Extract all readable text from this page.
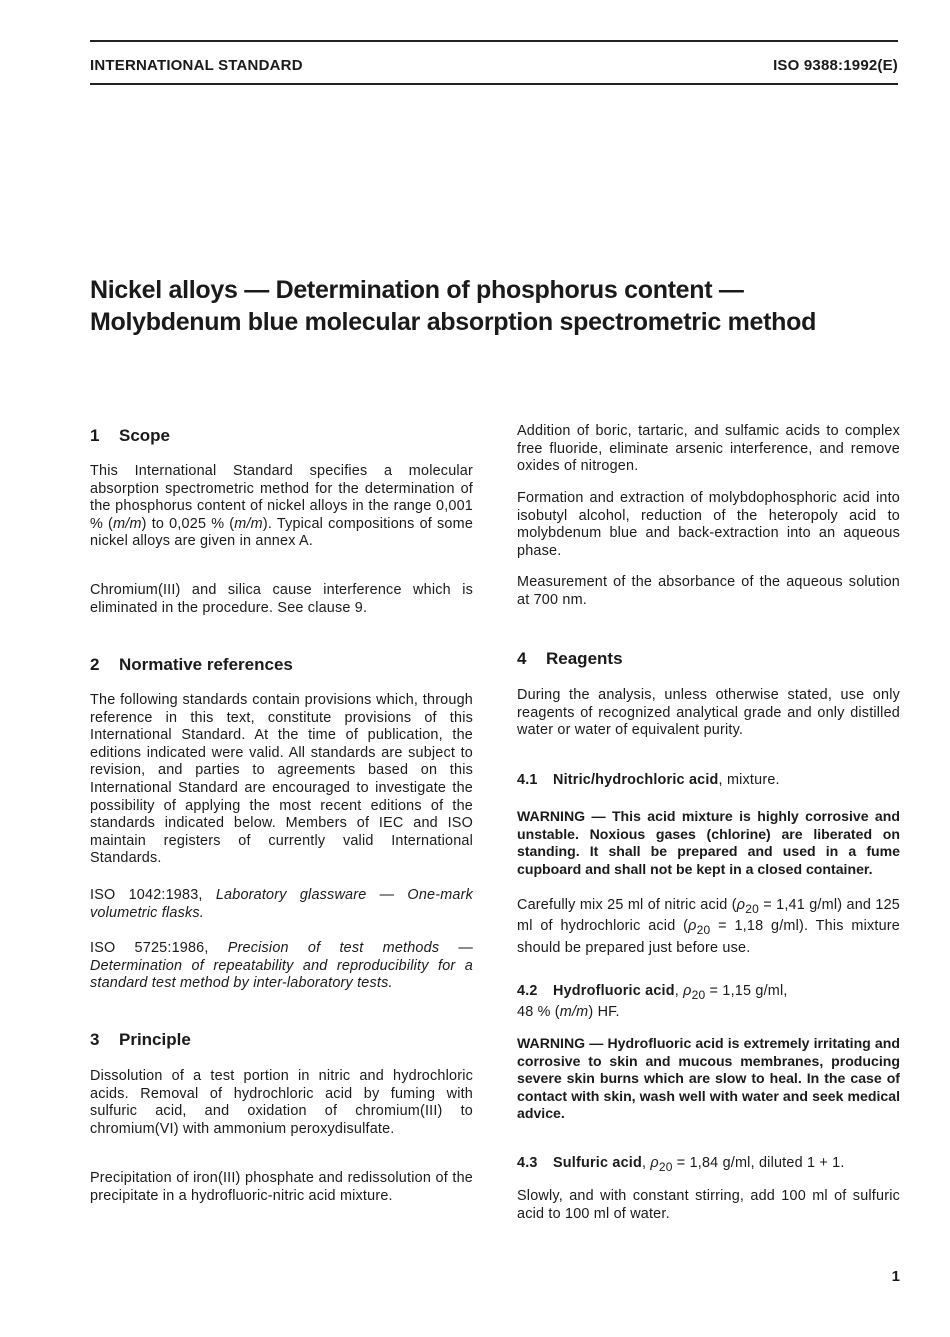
INTERNATIONAL STANDARD	ISO 9388:1992(E)
Nickel alloys — Determination of phosphorus content —
Molybdenum blue molecular absorption spectrometric method
1 Scope
This International Standard specifies a molecular absorption spectrometric method for the determination of the phosphorus content of nickel alloys in the range 0,001 % (m/m) to 0,025 % (m/m). Typical compositions of some nickel alloys are given in annex A.
Chromium(III) and silica cause interference which is eliminated in the procedure. See clause 9.
2 Normative references
The following standards contain provisions which, through reference in this text, constitute provisions of this International Standard. At the time of publication, the editions indicated were valid. All standards are subject to revision, and parties to agreements based on this International Standard are encouraged to investigate the possibility of applying the most recent editions of the standards indicated below. Members of IEC and ISO maintain registers of currently valid International Standards.
ISO 1042:1983, Laboratory glassware — One-mark volumetric flasks.
ISO 5725:1986, Precision of test methods — Determination of repeatability and reproducibility for a standard test method by inter-laboratory tests.
3 Principle
Dissolution of a test portion in nitric and hydrochloric acids. Removal of hydrochloric acid by fuming with sulfuric acid, and oxidation of chromium(III) to chromium(VI) with ammonium peroxydisulfate.
Precipitation of iron(III) phosphate and redissolution of the precipitate in a hydrofluoric-nitric acid mixture.
Addition of boric, tartaric, and sulfamic acids to complex free fluoride, eliminate arsenic interference, and remove oxides of nitrogen.
Formation and extraction of molybdophosphoric acid into isobutyl alcohol, reduction of the heteropoly acid to molybdenum blue and back-extraction into an aqueous phase.
Measurement of the absorbance of the aqueous solution at 700 nm.
4 Reagents
During the analysis, unless otherwise stated, use only reagents of recognized analytical grade and only distilled water or water of equivalent purity.
4.1 Nitric/hydrochloric acid, mixture.
WARNING — This acid mixture is highly corrosive and unstable. Noxious gases (chlorine) are liberated on standing. It shall be prepared and used in a fume cupboard and shall not be kept in a closed container.
Carefully mix 25 ml of nitric acid ($\rho_{20} = 1,41$ g/ml) and 125 ml of hydrochloric acid ($\rho_{20} = 1,18$ g/ml). This mixture should be prepared just before use.
4.2 Hydrofluoric acid, $\rho_{20} = 1,15$ g/ml,
48 % (m/m) HF.
WARNING — Hydrofluoric acid is extremely irritating and corrosive to skin and mucous membranes, producing severe skin burns which are slow to heal. In the case of contact with skin, wash well with water and seek medical advice.
4.3 Sulfuric acid, $\rho_{20} = 1,84$ g/ml, diluted 1 + 1.
Slowly, and with constant stirring, add 100 ml of sulfuric acid to 100 ml of water.
1
